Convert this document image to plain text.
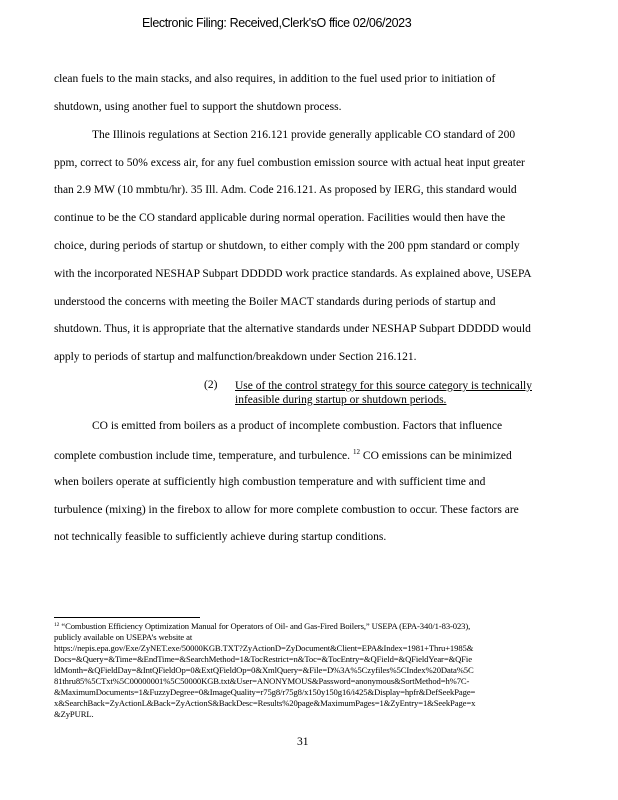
Electronic Filing: Received,Clerk'sO ffice 02/06/2023
clean fuels to the main stacks, and also requires, in addition to the fuel used prior to initiation of
shutdown, using another fuel to support the shutdown process.
The Illinois regulations at Section 216.121 provide generally applicable CO standard of 200
ppm, correct to 50% excess air, for any fuel combustion emission source with actual heat input greater
than 2.9 MW (10 mmbtu/hr). 35 Ill. Adm. Code 216.121. As proposed by IERG, this standard would
continue to be the CO standard applicable during normal operation. Facilities would then have the
choice, during periods of startup or shutdown, to either comply with the 200 ppm standard or comply
with the incorporated NESHAP Subpart DDDDD work practice standards. As explained above, USEPA
understood the concerns with meeting the Boiler MACT standards during periods of startup and
shutdown. Thus, it is appropriate that the alternative standards under NESHAP Subpart DDDDD would
apply to periods of startup and malfunction/breakdown under Section 216.121.
(2) Use of the control strategy for this source category is technically
infeasible during startup or shutdown periods.
CO is emitted from boilers as a product of incomplete combustion. Factors that influence
complete combustion include time, temperature, and turbulence. $^{12}$ CO emissions can be minimized
when boilers operate at sufficiently high combustion temperature and with sufficient time and
turbulence (mixing) in the firebox to allow for more complete combustion to occur. These factors are
not technically feasible to sufficiently achieve during startup conditions.
$^{12}$ “Combustion Efficiency Optimization Manual for Operators of Oil- and Gas-Fired Boilers,” USEPA (EPA-340/1-83-023),
publicly available on USEPA’s website at
https://nepis.epa.gov/Exe/ZyNET.exe/50000KGB.TXT?ZyActionD=ZyDocument&Client=EPA&Index=1981+Thru+1985&
Docs=&Query=&Time=&EndTime=&SearchMethod=1&TocRestrict=n&Toc=&TocEntry=&QField=&QFieldYear=&QFie
ldMonth=&QFieldDay=&IntQFieldOp=0&ExtQFieldOp=0&XmlQuery=&File=D%3A%5Czyfiles%5CIndex%20Data%5C
81thru85%5CTxt%5C00000001%5C50000KGB.txt&User=ANONYMOUS&Password=anonymous&SortMethod=h%7C-
&MaximumDocuments=1&FuzzyDegree=0&ImageQuality=r75g8/r75g8/x150y150g16/i425&Display=hpfr&DefSeekPage=
x&SearchBack=ZyActionL&Back=ZyActionS&BackDesc=Results%20page&MaximumPages=1&ZyEntry=1&SeekPage=x
&ZyPURL.
31
